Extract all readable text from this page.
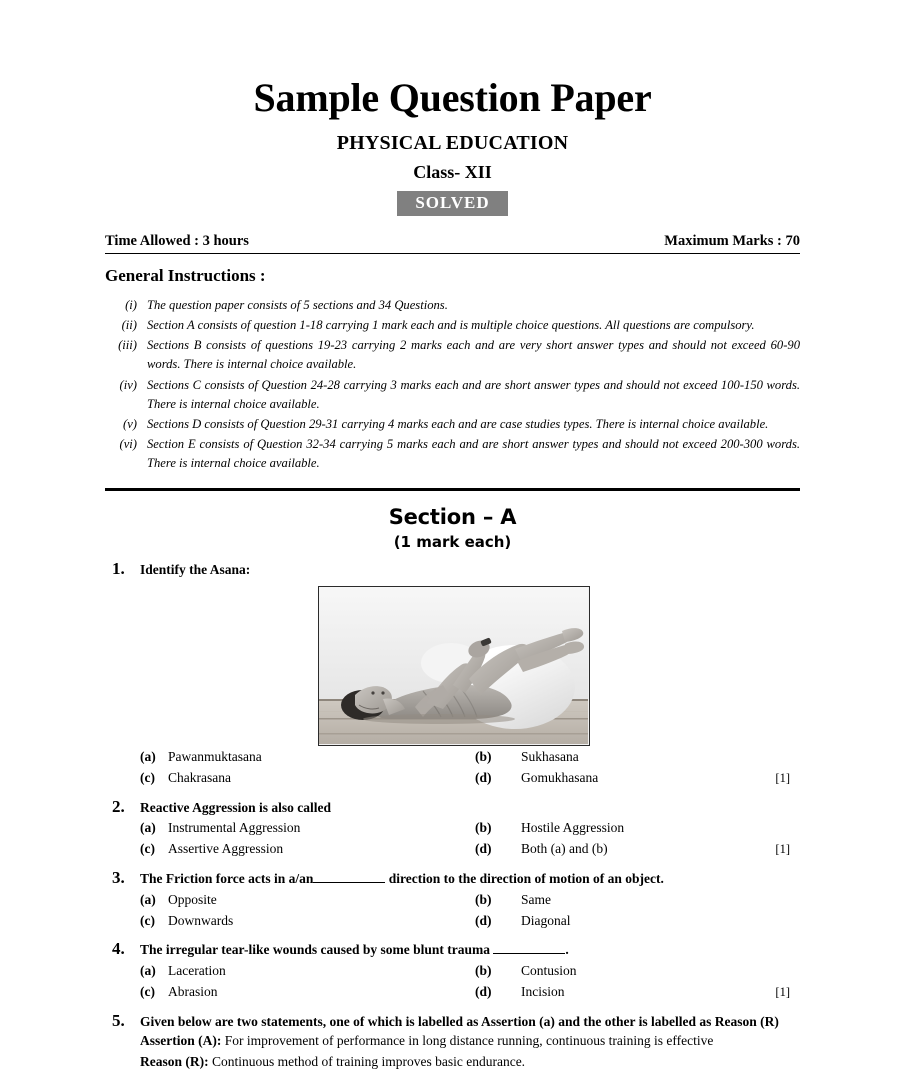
Sample Question Paper
PHYSICAL EDUCATION
Class- XII
SOLVED
Time Allowed : 3 hours	Maximum Marks : 70
General Instructions :
(i) The question paper consists of 5 sections and 34 Questions.
(ii) Section A consists of question 1-18 carrying 1 mark each and is multiple choice questions. All questions are compulsory.
(iii) Sections B consists of questions 19-23 carrying 2 marks each and are very short answer types and should not exceed 60-90 words. There is internal choice available.
(iv) Sections C consists of Question 24-28 carrying 3 marks each and are short answer types and should not exceed 100-150 words. There is internal choice available.
(v) Sections D consists of Question 29-31 carrying 4 marks each and are case studies types. There is internal choice available.
(vi) Section E consists of Question 32-34 carrying 5 marks each and are short answer types and should not exceed 200-300 words. There is internal choice available.
Section – A
(1 mark each)
1.	Identify the Asana:
(a) Pawanmuktasana	(b)	Sukhasana
(c) Chakrasana	(d)	Gomukhasana	[1]
2.	Reactive Aggression is also called
(a) Instrumental Aggression	(b)	Hostile Aggression
(c) Assertive Aggression	(d)	Both (a) and (b)	[1]
3.	The Friction force acts in a/an	direction to the direction of motion of an object.
(a) Opposite	(b)	Same
(c) Downwards	(d)	Diagonal
4.	The irregular tear-like wounds caused by some blunt trauma	.
(a) Laceration	(b)	Contusion
(c) Abrasion	(d)	Incision	[1]
5.	Given below are two statements, one of which is labelled as Assertion (a) and the other is labelled as Reason (R)
Assertion (A): For improvement of performance in long distance running, continuous training is effective
Reason (R): Continuous method of training improves basic endurance.
